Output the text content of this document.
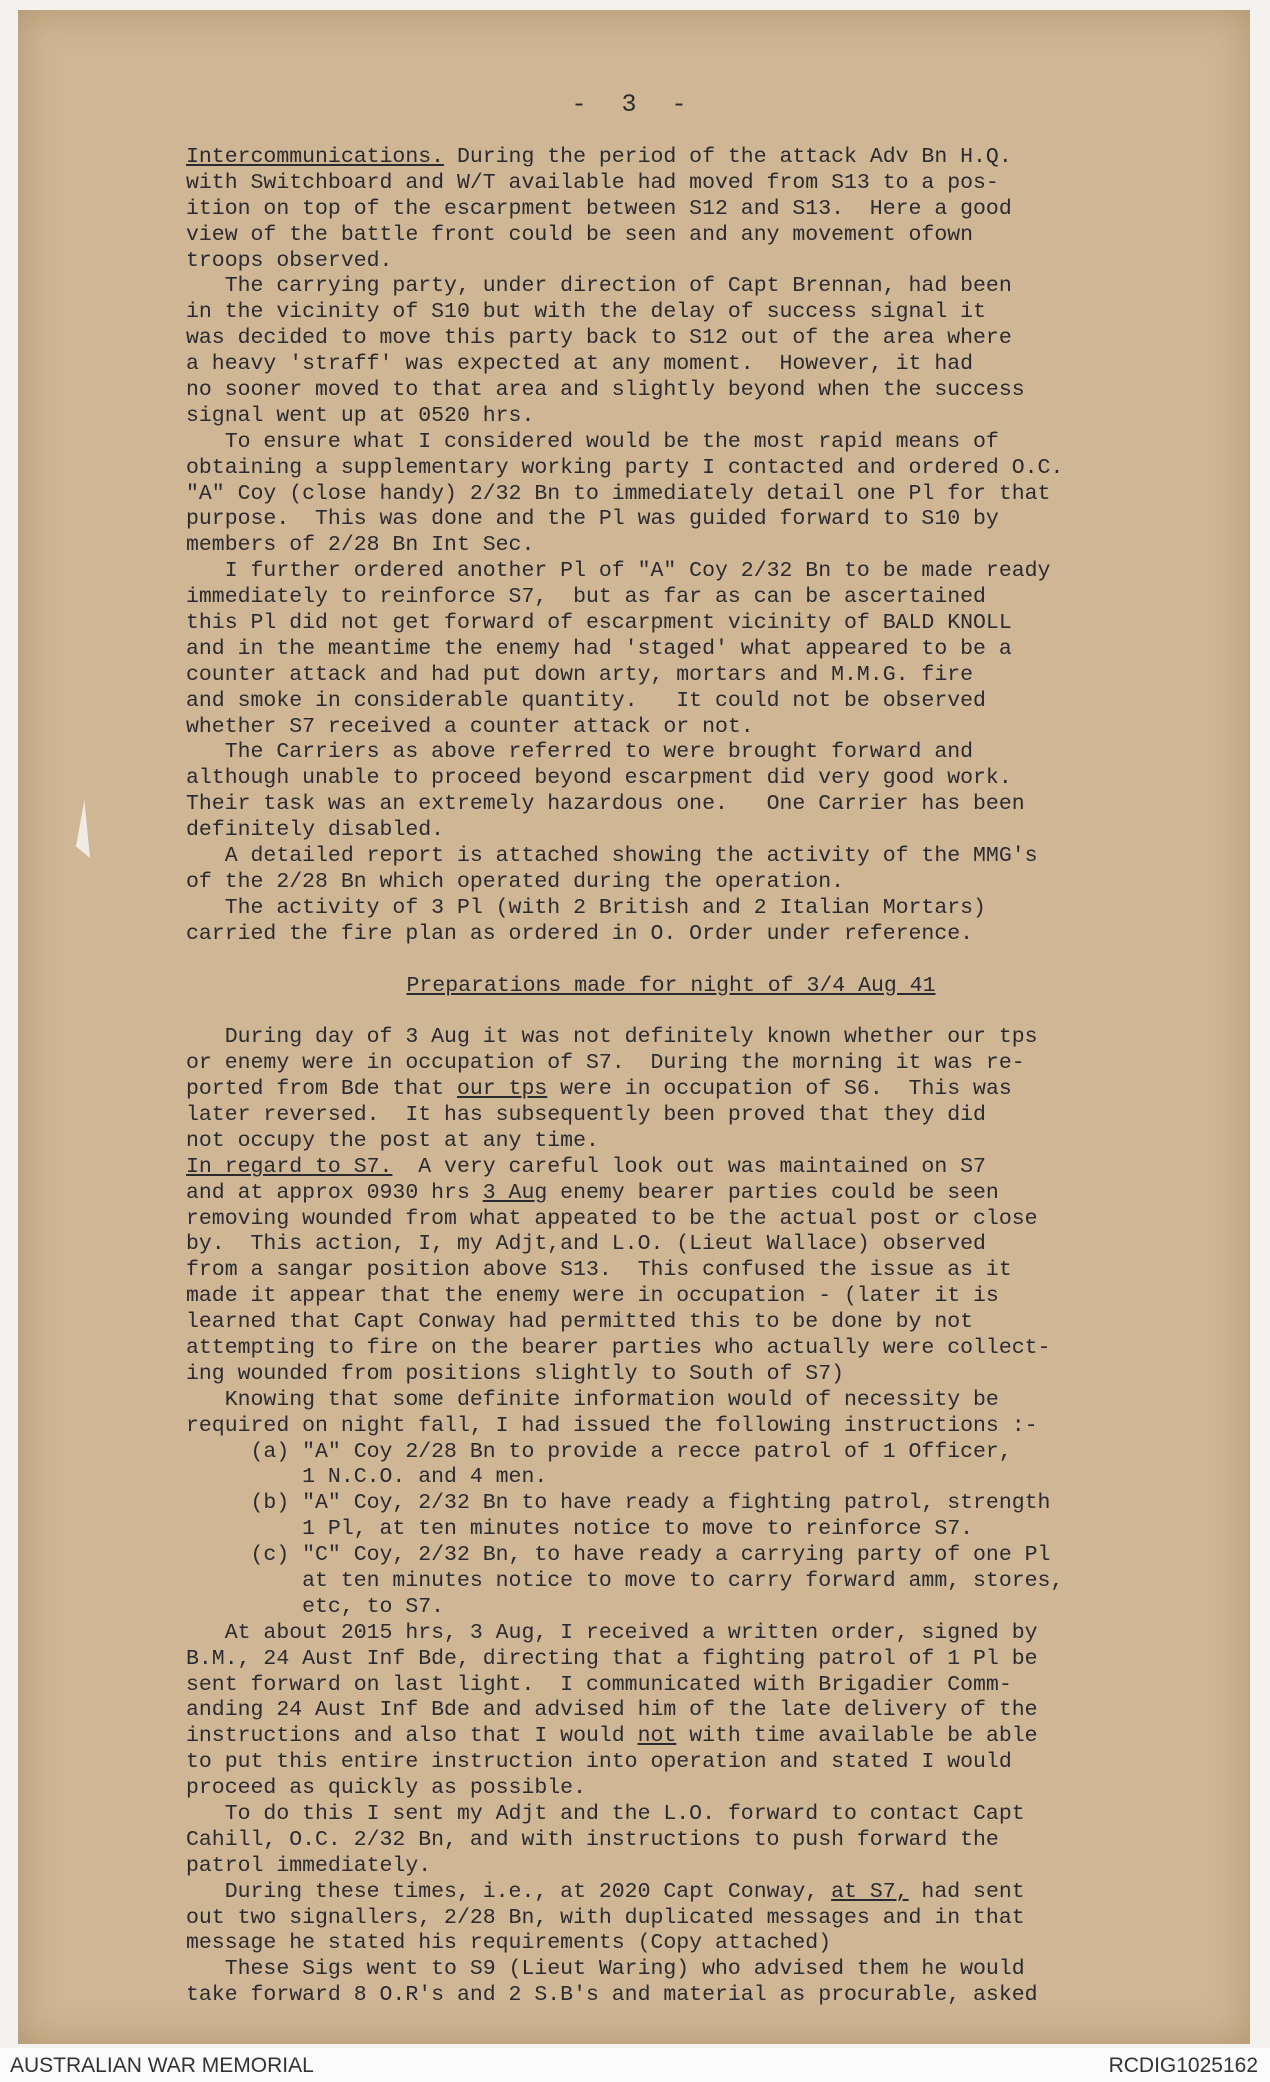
- 3 -
Intercommunications. During the period of the attack Adv Bn H.Q.
with Switchboard and W/T available had moved from S13 to a pos-
ition on top of the escarpment between S12 and S13.  Here a good
view of the battle front could be seen and any movement ofown
troops observed.
The carrying party, under direction of Capt Brennan, had been
in the vicinity of S10 but with the delay of success signal it
was decided to move this party back to S12 out of the area where
a heavy 'straff' was expected at any moment.  However, it had
no sooner moved to that area and slightly beyond when the success
signal went up at 0520 hrs.
To ensure what I considered would be the most rapid means of
obtaining a supplementary working party I contacted and ordered O.C.
"A" Coy (close handy) 2/32 Bn to immediately detail one Pl for that
purpose.  This was done and the Pl was guided forward to S10 by
members of 2/28 Bn Int Sec.
I further ordered another Pl of "A" Coy 2/32 Bn to be made ready
immediately to reinforce S7,  but as far as can be ascertained
this Pl did not get forward of escarpment vicinity of BALD KNOLL
and in the meantime the enemy had 'staged' what appeared to be a
counter attack and had put down arty, mortars and M.M.G. fire
and smoke in considerable quantity.   It could not be observed
whether S7 received a counter attack or not.
The Carriers as above referred to were brought forward and
although unable to proceed beyond escarpment did very good work.
Their task was an extremely hazardous one.   One Carrier has been
definitely disabled.
A detailed report is attached showing the activity of the MMG's
of the 2/28 Bn which operated during the operation.
The activity of 3 Pl (with 2 British and 2 Italian Mortars)
carried the fire plan as ordered in O. Order under reference.
Preparations made for night of 3/4 Aug 41
During day of 3 Aug it was not definitely known whether our tps
or enemy were in occupation of S7.  During the morning it was re-
ported from Bde that our tps were in occupation of S6.  This was
later reversed.  It has subsequently been proved that they did
not occupy the post at any time.
In regard to S7.  A very careful look out was maintained on S7
and at approx 0930 hrs 3 Aug enemy bearer parties could be seen
removing wounded from what appeated to be the actual post or close
by.  This action, I, my Adjt,and L.O. (Lieut Wallace) observed
from a sangar position above S13.  This confused the issue as it
made it appear that the enemy were in occupation - (later it is
learned that Capt Conway had permitted this to be done by not
attempting to fire on the bearer parties who actually were collect-
ing wounded from positions slightly to South of S7)
Knowing that some definite information would of necessity be
required on night fall, I had issued the following instructions :-
(a) "A" Coy 2/28 Bn to provide a recce patrol of 1 Officer,
1 N.C.O. and 4 men.
(b) "A" Coy, 2/32 Bn to have ready a fighting patrol, strength
1 Pl, at ten minutes notice to move to reinforce S7.
(c) "C" Coy, 2/32 Bn, to have ready a carrying party of one Pl
at ten minutes notice to move to carry forward amm, stores,
etc, to S7.
At about 2015 hrs, 3 Aug, I received a written order, signed by
B.M., 24 Aust Inf Bde, directing that a fighting patrol of 1 Pl be
sent forward on last light.  I communicated with Brigadier Comm-
anding 24 Aust Inf Bde and advised him of the late delivery of the
instructions and also that I would not with time available be able
to put this entire instruction into operation and stated I would
proceed as quickly as possible.
To do this I sent my Adjt and the L.O. forward to contact Capt
Cahill, O.C. 2/32 Bn, and with instructions to push forward the
patrol immediately.
During these times, i.e., at 2020 Capt Conway, at S7, had sent
out two signallers, 2/28 Bn, with duplicated messages and in that
message he stated his requirements (Copy attached)
These Sigs went to S9 (Lieut Waring) who advised them he would
take forward 8 O.R's and 2 S.B's and material as procurable, asked
AUSTRALIAN WAR MEMORIAL	RCDIG1025162
